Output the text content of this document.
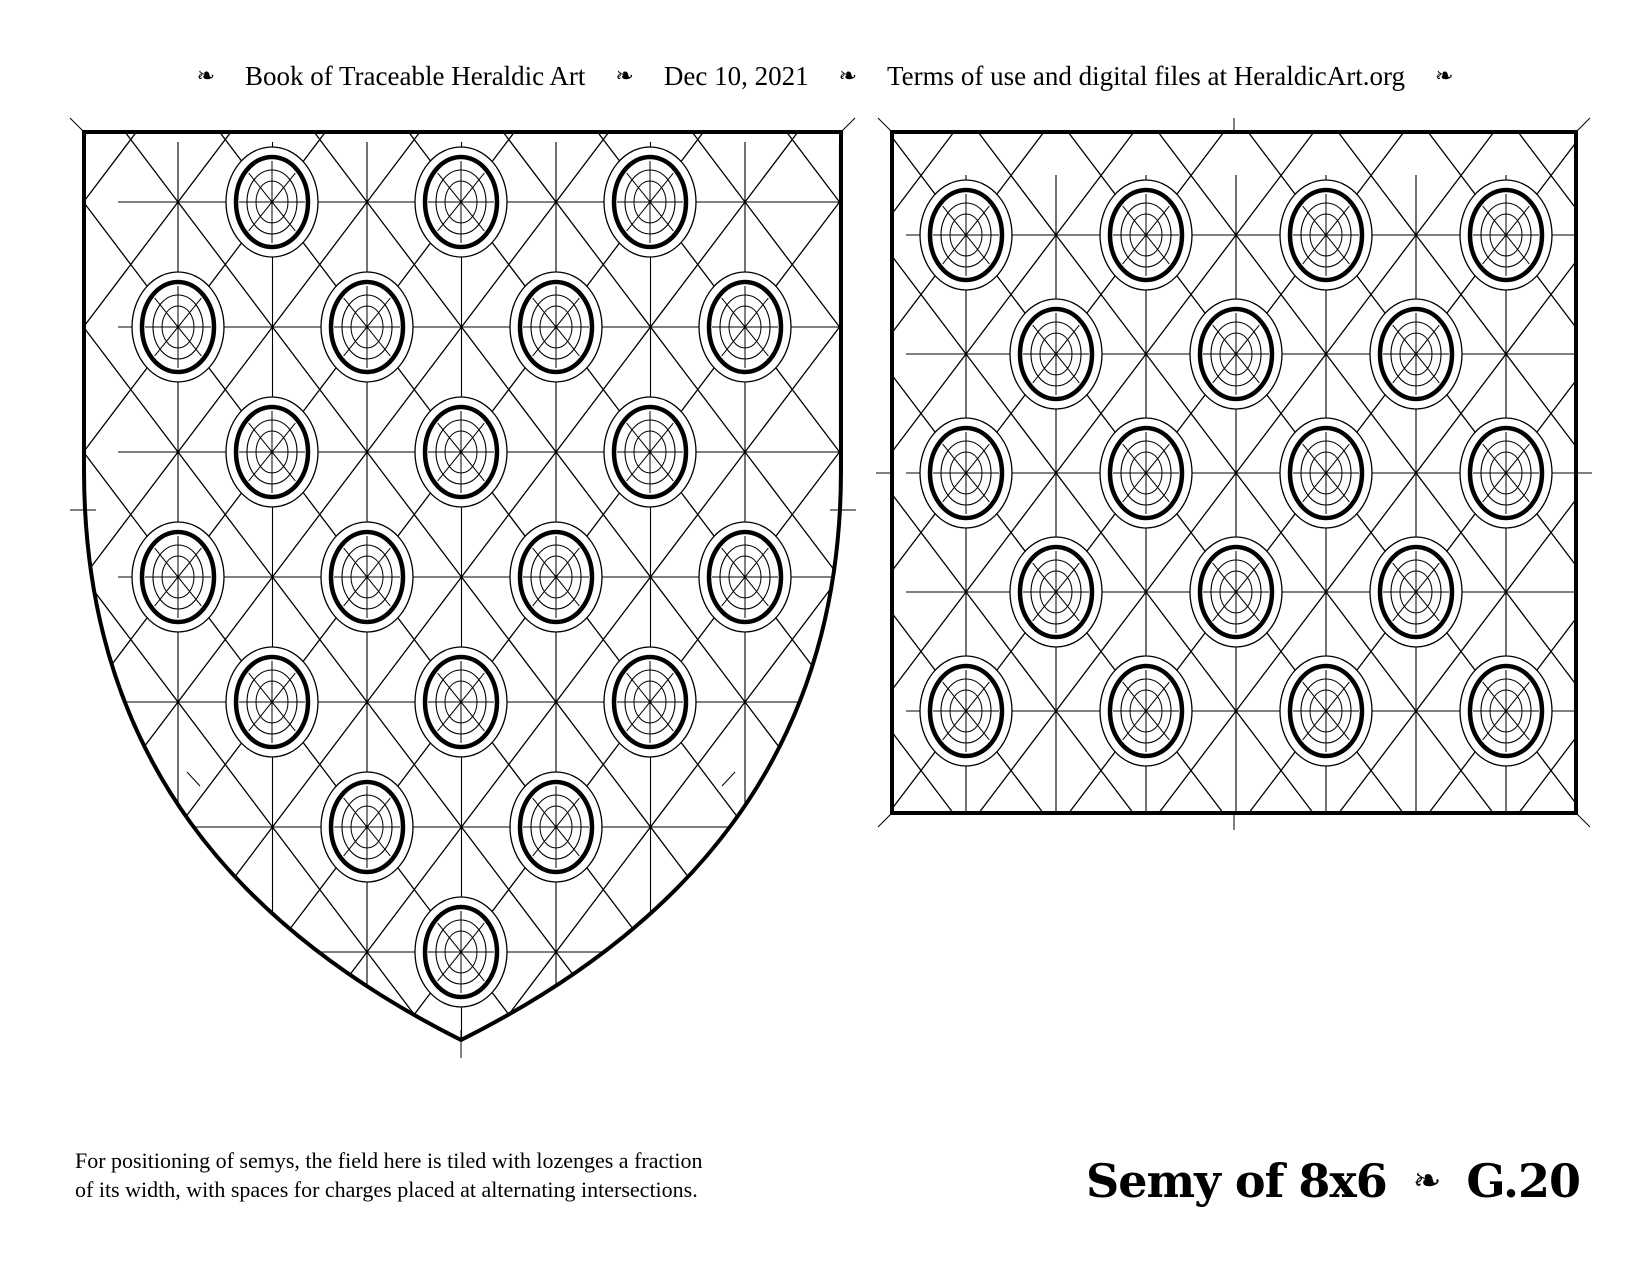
❧ Book of Traceable Heraldic Art ❧ Dec 10, 2021 ❧ Terms of use and digital files at HeraldicArt.org ❧
For positioning of semys, the field here is tiled with lozenges a fraction
of its width, with spaces for charges placed at alternating intersections.	Semy of 8x6 ❧ G.20
